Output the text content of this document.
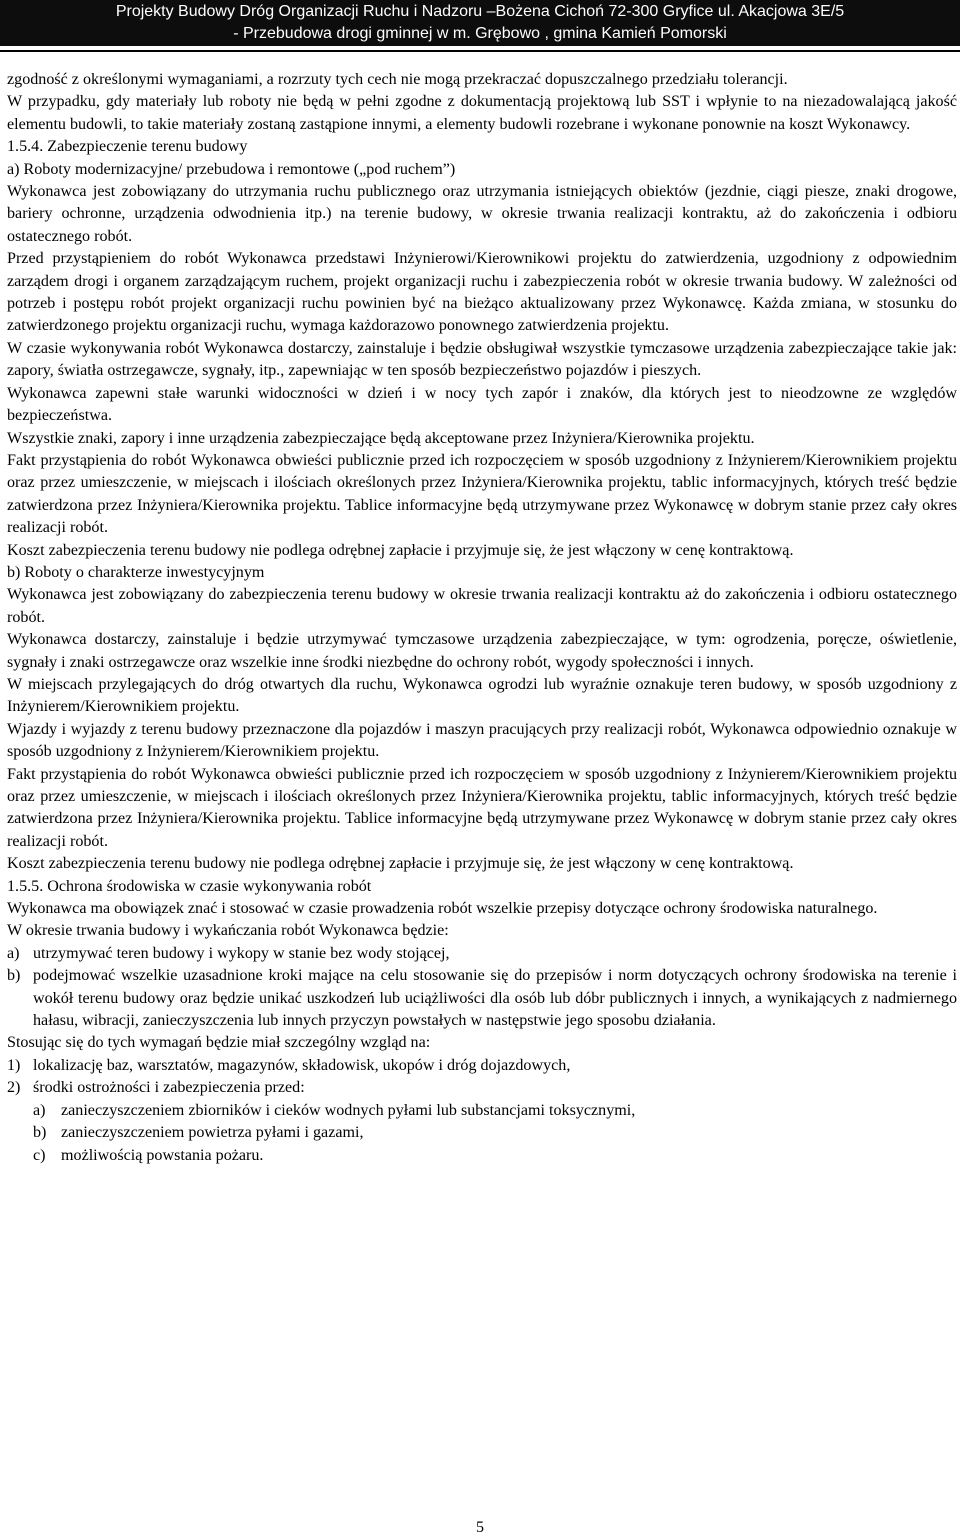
Projekty Budowy Dróg Organizacji Ruchu i Nadzoru –Bożena Cichoń 72-300 Gryfice ul. Akacjowa 3E/5
- Przebudowa drogi gminnej w m. Grębowo , gmina Kamień Pomorski

zgodność z określonymi wymaganiami, a rozrzuty tych cech nie mogą przekraczać dopuszczalnego przedziału tolerancji.

W przypadku, gdy materiały lub roboty nie będą w pełni zgodne z dokumentacją projektową lub SST i wpłynie to na niezadowalającą jakość elementu budowli, to takie materiały zostaną zastąpione innymi, a elementy budowli rozebrane i wykonane ponownie na koszt Wykonawcy.

1.5.4. Zabezpieczenie terenu budowy

a) Roboty modernizacyjne/ przebudowa i remontowe („pod ruchem”)

Wykonawca jest zobowiązany do utrzymania ruchu publicznego oraz utrzymania istniejących obiektów (jezdnie, ciągi piesze, znaki drogowe, bariery ochronne, urządzenia odwodnienia itp.) na terenie budowy, w okresie trwania realizacji kontraktu, aż do zakończenia i odbioru ostatecznego robót.

Przed przystąpieniem do robót Wykonawca przedstawi Inżynierowi/Kierownikowi projektu do zatwierdzenia, uzgodniony z odpowiednim zarządem drogi i organem zarządzającym ruchem, projekt organizacji ruchu i zabezpieczenia robót w okresie trwania budowy. W zależności od potrzeb i postępu robót projekt organizacji ruchu powinien być na bieżąco aktualizowany przez Wykonawcę. Każda zmiana, w stosunku do zatwierdzonego projektu organizacji ruchu, wymaga każdorazowo ponownego zatwierdzenia projektu.

W czasie wykonywania robót Wykonawca dostarczy, zainstaluje i będzie obsługiwał wszystkie tymczasowe urządzenia zabezpieczające takie jak: zapory, światła ostrzegawcze, sygnały, itp., zapewniając w ten sposób bezpieczeństwo pojazdów i pieszych.

Wykonawca zapewni stałe warunki widoczności w dzień i w nocy tych zapór i znaków, dla których jest to nieodzowne ze względów bezpieczeństwa.

Wszystkie znaki, zapory i inne urządzenia zabezpieczające będą akceptowane przez Inżyniera/Kierownika projektu.

Fakt przystąpienia do robót Wykonawca obwieści publicznie przed ich rozpoczęciem w sposób uzgodniony z Inżynierem/Kierownikiem projektu oraz przez umieszczenie, w miejscach i ilościach określonych przez Inżyniera/Kierownika projektu, tablic informacyjnych, których treść będzie zatwierdzona przez Inżyniera/Kierownika projektu. Tablice informacyjne będą utrzymywane przez Wykonawcę w dobrym stanie przez cały okres realizacji robót.

Koszt zabezpieczenia terenu budowy nie podlega odrębnej zapłacie i przyjmuje się, że jest włączony w cenę kontraktową.

b) Roboty o charakterze inwestycyjnym

Wykonawca jest zobowiązany do zabezpieczenia terenu budowy w okresie trwania realizacji kontraktu aż do zakończenia i odbioru ostatecznego robót.

Wykonawca dostarczy, zainstaluje i będzie utrzymywać tymczasowe urządzenia zabezpieczające, w tym: ogrodzenia, poręcze, oświetlenie, sygnały i znaki ostrzegawcze oraz wszelkie inne środki niezbędne do ochrony robót, wygody społeczności i innych.

W miejscach przylegających do dróg otwartych dla ruchu, Wykonawca ogrodzi lub wyraźnie oznakuje teren budowy, w sposób uzgodniony z Inżynierem/Kierownikiem projektu.

Wjazdy i wyjazdy z terenu budowy przeznaczone dla pojazdów i maszyn pracujących przy realizacji robót, Wykonawca odpowiednio oznakuje w sposób uzgodniony z Inżynierem/Kierownikiem projektu.

Fakt przystąpienia do robót Wykonawca obwieści publicznie przed ich rozpoczęciem w sposób uzgodniony z Inżynierem/Kierownikiem projektu oraz przez umieszczenie, w miejscach i ilościach określonych przez Inżyniera/Kierownika projektu, tablic informacyjnych, których treść będzie zatwierdzona przez Inżyniera/Kierownika projektu. Tablice informacyjne będą utrzymywane przez Wykonawcę w dobrym stanie przez cały okres realizacji robót.

Koszt zabezpieczenia terenu budowy nie podlega odrębnej zapłacie i przyjmuje się, że jest włączony w cenę kontraktową.

1.5.5. Ochrona środowiska w czasie wykonywania robót

Wykonawca ma obowiązek znać i stosować w czasie prowadzenia robót wszelkie przepisy dotyczące ochrony środowiska naturalnego.

W okresie trwania budowy i wykańczania robót Wykonawca będzie:

a) utrzymywać teren budowy i wykopy w stanie bez wody stojącej,
b) podejmować wszelkie uzasadnione kroki mające na celu stosowanie się do przepisów i norm dotyczących ochrony środowiska na terenie i wokół terenu budowy oraz będzie unikać uszkodzeń lub uciążliwości dla osób lub dóbr publicznych i innych, a wynikających z nadmiernego hałasu, wibracji, zanieczyszczenia lub innych przyczyn powstałych w następstwie jego sposobu działania.

Stosując się do tych wymagań będzie miał szczególny wzgląd na:

1) lokalizację baz, warsztatów, magazynów, składowisk, ukopów i dróg dojazdowych,
2) środki ostrożności i zabezpieczenia przed:
a) zanieczyszczeniem zbiorników i cieków wodnych pyłami lub substancjami toksycznymi,
b) zanieczyszczeniem powietrza pyłami i gazami,
c) możliwością powstania pożaru.
5
